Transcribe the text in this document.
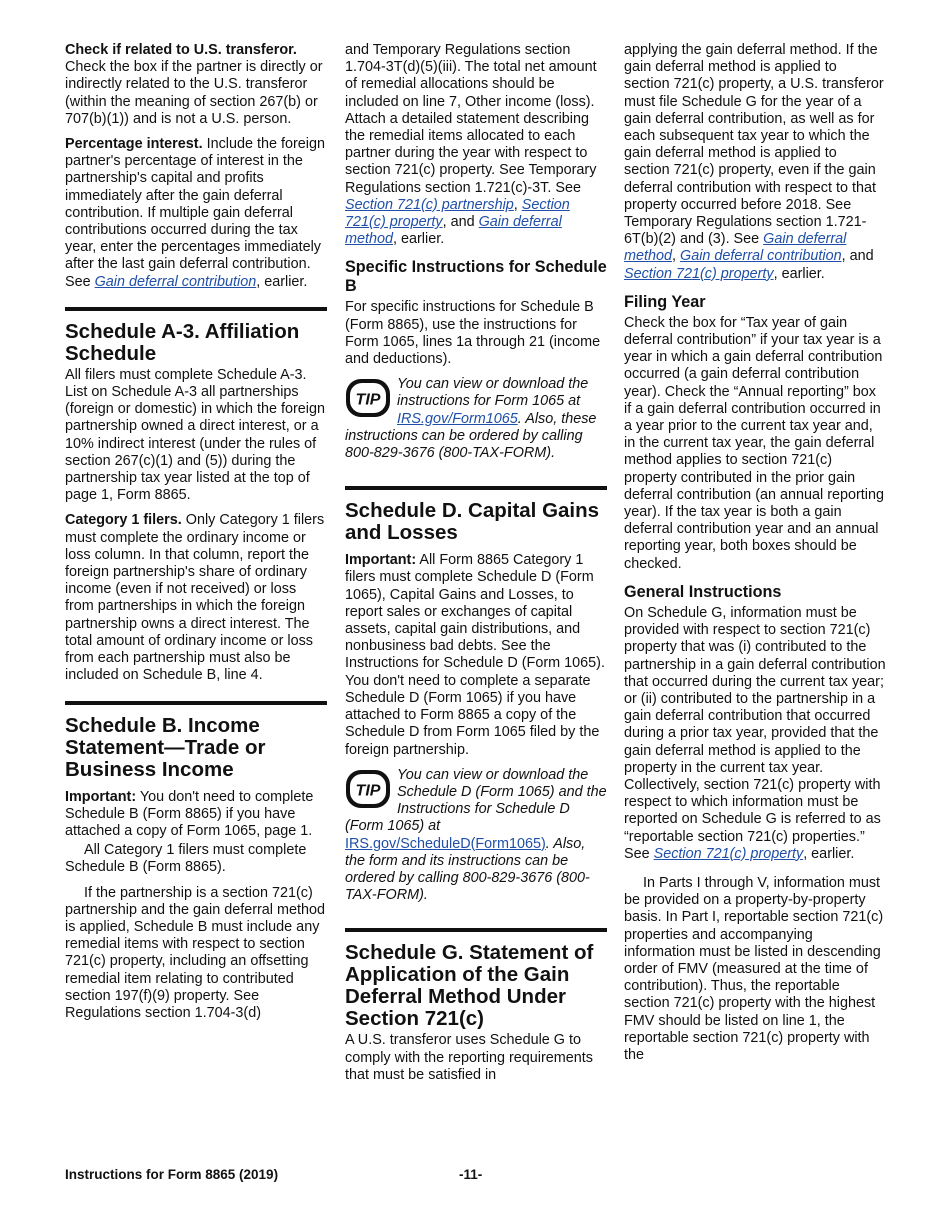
Check if related to U.S. transferor. Check the box if the partner is directly or indirectly related to the U.S. transferor (within the meaning of section 267(b) or 707(b)(1)) and is not a U.S. person.

Percentage interest. Include the foreign partner's percentage of interest in the partnership's capital and profits immediately after the gain deferral contribution. If multiple gain deferral contributions occurred during the tax year, enter the percentages immediately after the last gain deferral contribution. See Gain deferral contribution, earlier.

Schedule A-3. Affiliation Schedule

All filers must complete Schedule A-3. List on Schedule A-3 all partnerships (foreign or domestic) in which the foreign partnership owned a direct interest, or a 10% indirect interest (under the rules of section 267(c)(1) and (5)) during the partnership tax year listed at the top of page 1, Form 8865.

Category 1 filers. Only Category 1 filers must complete the ordinary income or loss column. In that column, report the foreign partnership's share of ordinary income (even if not received) or loss from partnerships in which the foreign partnership owns a direct interest. The total amount of ordinary income or loss from each partnership must also be included on Schedule B, line 4.

Schedule B. Income Statement—Trade or Business Income

Important: You don't need to complete Schedule B (Form 8865) if you have attached a copy of Form 1065, page 1.

All Category 1 filers must complete Schedule B (Form 8865).

If the partnership is a section 721(c) partnership and the gain deferral method is applied, Schedule B must include any remedial items with respect to section 721(c) property, including an offsetting remedial item relating to contributed section 197(f)(9) property. See Regulations section 1.704-3(d)

and Temporary Regulations section 1.704-3T(d)(5)(iii). The total net amount of remedial allocations should be included on line 7, Other income (loss). Attach a detailed statement describing the remedial items allocated to each partner during the year with respect to section 721(c) property. See Temporary Regulations section 1.721(c)-3T. See Section 721(c) partnership, Section 721(c) property, and Gain deferral method, earlier.

Specific Instructions for Schedule B

For specific instructions for Schedule B (Form 8865), use the instructions for Form 1065, lines 1a through 21 (income and deductions).

TIP
You can view or download the instructions for Form 1065 at IRS.gov/Form1065. Also, these instructions can be ordered by calling 800-829-3676 (800-TAX-FORM).
Schedule D. Capital Gains and Losses

Important: All Form 8865 Category 1 filers must complete Schedule D (Form 1065), Capital Gains and Losses, to report sales or exchanges of capital assets, capital gain distributions, and nonbusiness bad debts. See the Instructions for Schedule D (Form 1065). You don't need to complete a separate Schedule D (Form 1065) if you have attached to Form 8865 a copy of the Schedule D from Form 1065 filed by the foreign partnership.

TIP
You can view or download the Schedule D (Form 1065) and the Instructions for Schedule D (Form 1065) at IRS.gov/ScheduleD(Form1065). Also, the form and its instructions can be ordered by calling 800-829-3676 (800-TAX-FORM).
Schedule G. Statement of Application of the Gain Deferral Method Under Section 721(c)

A U.S. transferor uses Schedule G to comply with the reporting requirements that must be satisfied in

applying the gain deferral method. If the gain deferral method is applied to section 721(c) property, a U.S. transferor must file Schedule G for the year of a gain deferral contribution, as well as for each subsequent tax year to which the gain deferral method is applied to section 721(c) property, even if the gain deferral contribution with respect to that property occurred before 2018. See Temporary Regulations section 1.721-6T(b)(2) and (3). See Gain deferral method, Gain deferral contribution, and Section 721(c) property, earlier.

Filing Year

Check the box for “Tax year of gain deferral contribution” if your tax year is a year in which a gain deferral contribution occurred (a gain deferral contribution year). Check the “Annual reporting” box if a gain deferral contribution occurred in a year prior to the current tax year and, in the current tax year, the gain deferral method applies to section 721(c) property contributed in the prior gain deferral contribution (an annual reporting year). If the tax year is both a gain deferral contribution year and an annual reporting year, both boxes should be checked.

General Instructions

On Schedule G, information must be provided with respect to section 721(c) property that was (i) contributed to the partnership in a gain deferral contribution that occurred during the current tax year; or (ii) contributed to the partnership in a gain deferral contribution that occurred during a prior tax year, provided that the gain deferral method is applied to the property in the current tax year. Collectively, section 721(c) property with respect to which information must be reported on Schedule G is referred to as “reportable section 721(c) properties.” See Section 721(c) property, earlier.

In Parts I through V, information must be provided on a property-by-property basis. In Part I, reportable section 721(c) properties and accompanying information must be listed in descending order of FMV (measured at the time of contribution). Thus, the reportable section 721(c) property with the highest FMV should be listed on line 1, the reportable section 721(c) property with the

Instructions for Form 8865 (2019)	-11-
